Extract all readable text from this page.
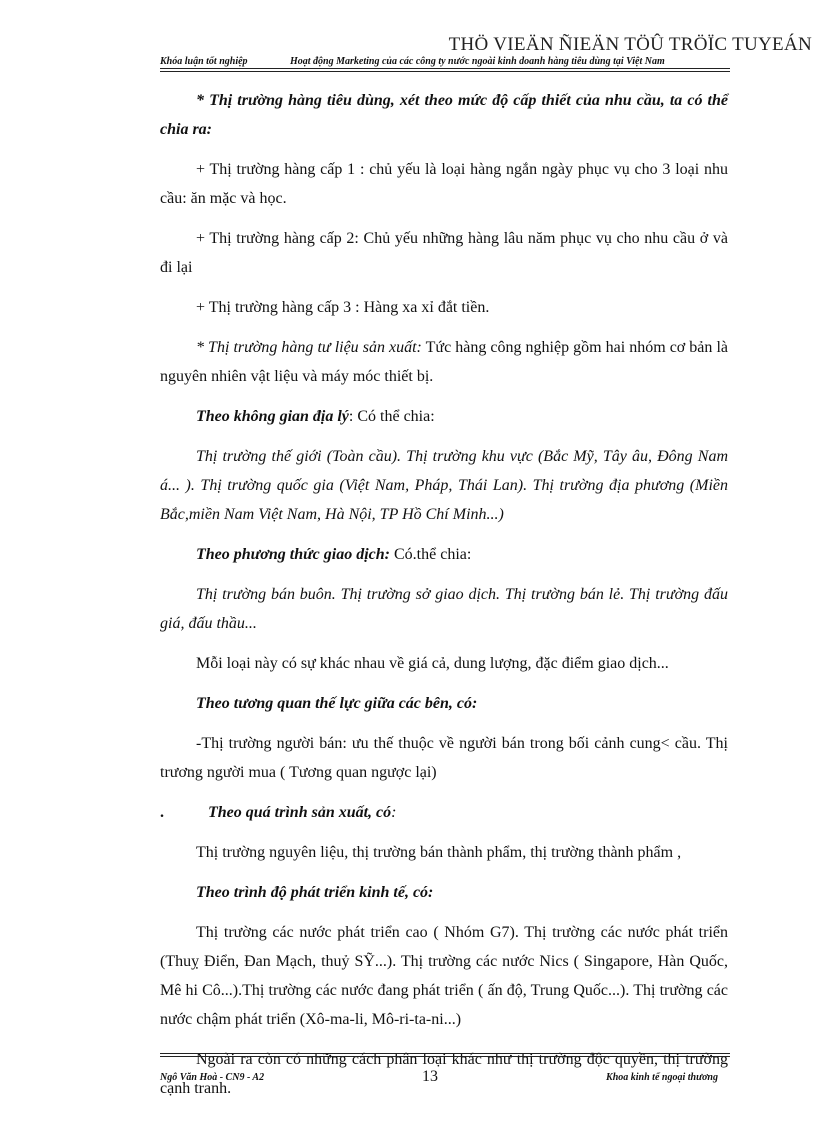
THÖ VIEÄN ÑIEÄN TÖÛ TRÖÏC TUYEÁN
Khóa luận tốt nghiệp	Hoạt động Marketing của các công ty nước ngoài kinh doanh hàng tiêu dùng tại Việt Nam

* Thị trường hàng tiêu dùng, xét theo mức độ cấp thiết của nhu cầu, ta có thể chia ra:

+ Thị trường hàng cấp 1 : chủ yếu là loại hàng ngắn ngày phục vụ cho 3 loại nhu cầu: ăn mặc và học.

+ Thị trường hàng cấp 2: Chủ yếu những hàng lâu năm phục vụ cho nhu cầu ở và đi lại

+ Thị trường hàng cấp 3 : Hàng xa xỉ đắt tiền.

* Thị trường hàng tư liệu sản xuất: Tức hàng công nghiệp gồm hai nhóm cơ bản là nguyên nhiên vật liệu và máy móc thiết bị.

Theo không gian địa lý: Có thể chia:

Thị trường thế giới (Toàn cầu). Thị trường khu vực (Bắc Mỹ, Tây âu, Đông Nam á... ). Thị trường quốc gia (Việt Nam, Pháp, Thái Lan). Thị trường địa phương (Miền Bắc,miền Nam Việt Nam, Hà Nội, TP Hồ Chí Minh...)

Theo phương thức giao dịch: Có.thể chia:

Thị trường bán buôn. Thị trường sở giao dịch. Thị trường bán lẻ. Thị trường đấu giá, đấu thầu...

Mỗi loại này có sự khác nhau về giá cả, dung lượng, đặc điểm giao dịch...

Theo tương quan thế lực giữa các bên, có:

-Thị trường người bán: ưu thế thuộc về người bán trong bối cảnh cung< cầu. Thị trương người mua ( Tương quan ngược lại)

.	Theo quá trình sản xuất, có:

Thị trường nguyên liệu, thị trường bán thành phẩm, thị trường thành phẩm ,

Theo trình độ phát triển kinh tế, có:

Thị trường các nước phát triển cao ( Nhóm G7). Thị trường các nước phát triển (Thuỵ Điển, Đan Mạch, thuỷ SỸ...). Thị trường các nước Nics ( Singapore, Hàn Quốc, Mê hi Cô...).Thị trường các nước đang phát triển ( ấn độ, Trung Quốc...). Thị trường các nước chậm phát triển (Xô-ma-li, Mô-ri-ta-ni...)

Ngoài ra còn có những cách phân loại khác như thị trường độc quyền, thị trường cạnh tranh.

Ngô Văn Hoà - CN9 - A2	13	Khoa kinh tế ngoại thương
